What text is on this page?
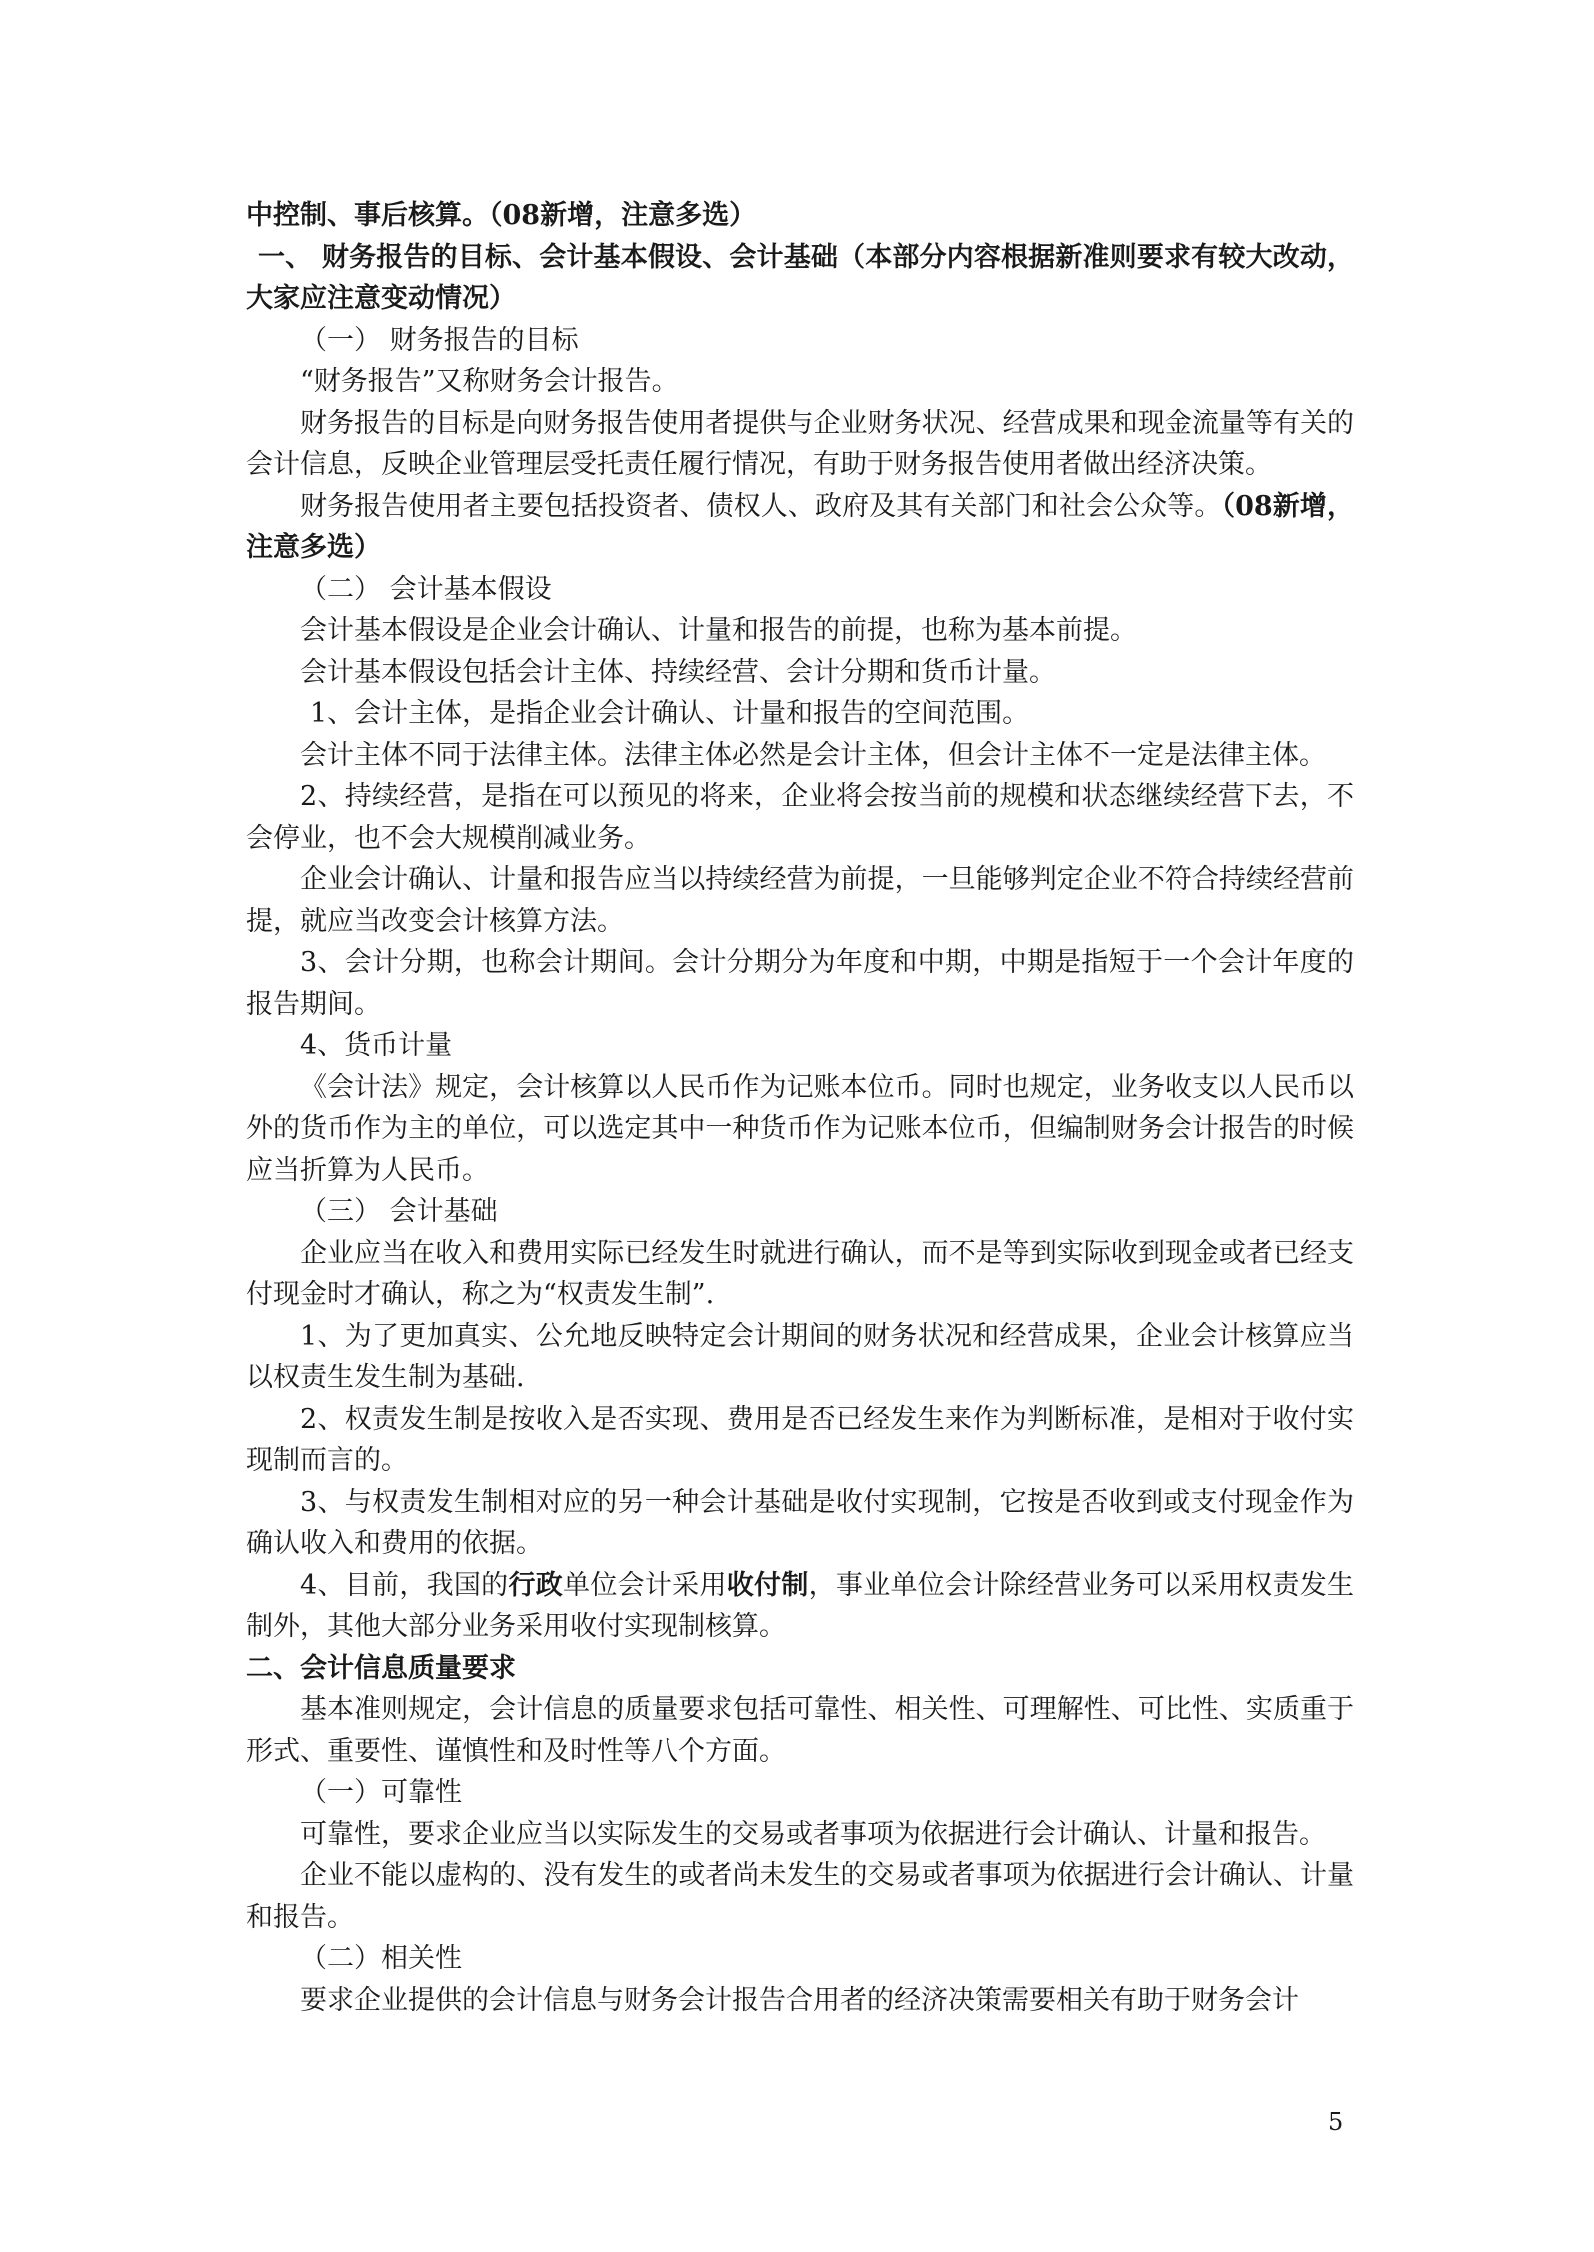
中控制、事后核算。（08新增，注意多选）

一、 财务报告的目标、会计基本假设、会计基础（本部分内容根据新准则要求有较大改动，大家应注意变动情况）

（一） 财务报告的目标

“财务报告”又称财务会计报告。

财务报告的目标是向财务报告使用者提供与企业财务状况、经营成果和现金流量等有关的会计信息，反映企业管理层受托责任履行情况，有助于财务报告使用者做出经济决策。

财务报告使用者主要包括投资者、债权人、政府及其有关部门和社会公众等。（08新增，注意多选）

（二） 会计基本假设

会计基本假设是企业会计确认、计量和报告的前提，也称为基本前提。

会计基本假设包括会计主体、持续经营、会计分期和货币计量。

1、会计主体，是指企业会计确认、计量和报告的空间范围。

会计主体不同于法律主体。法律主体必然是会计主体，但会计主体不一定是法律主体。

2、持续经营，是指在可以预见的将来，企业将会按当前的规模和状态继续经营下去，不会停业，也不会大规模削减业务。

企业会计确认、计量和报告应当以持续经营为前提，一旦能够判定企业不符合持续经营前提，就应当改变会计核算方法。

3、会计分期，也称会计期间。会计分期分为年度和中期，中期是指短于一个会计年度的报告期间。

4、货币计量

《会计法》规定，会计核算以人民币作为记账本位币。同时也规定，业务收支以人民币以外的货币作为主的单位，可以选定其中一种货币作为记账本位币，但编制财务会计报告的时候应当折算为人民币。

（三） 会计基础

企业应当在收入和费用实际已经发生时就进行确认，而不是等到实际收到现金或者已经支付现金时才确认，称之为“权责发生制”.

1、为了更加真实、公允地反映特定会计期间的财务状况和经营成果，企业会计核算应当以权责生发生制为基础.

2、权责发生制是按收入是否实现、费用是否已经发生来作为判断标准，是相对于收付实现制而言的。

3、与权责发生制相对应的另一种会计基础是收付实现制，它按是否收到或支付现金作为确认收入和费用的依据。

4、目前，我国的行政单位会计采用收付制，事业单位会计除经营业务可以采用权责发生制外，其他大部分业务采用收付实现制核算。

二、会计信息质量要求

基本准则规定，会计信息的质量要求包括可靠性、相关性、可理解性、可比性、实质重于形式、重要性、谨慎性和及时性等八个方面。

（一）可靠性

可靠性，要求企业应当以实际发生的交易或者事项为依据进行会计确认、计量和报告。

企业不能以虚构的、没有发生的或者尚未发生的交易或者事项为依据进行会计确认、计量和报告。

（二）相关性

要求企业提供的会计信息与财务会计报告合用者的经济决策需要相关有助于财务会计

5
